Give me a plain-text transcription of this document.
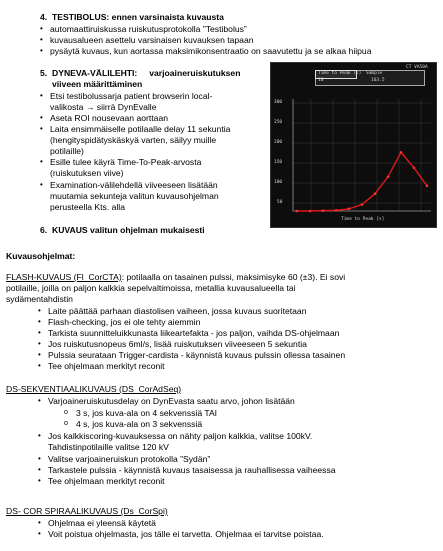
4. TESTIBOLUS: ennen varsinaista kuvausta
• automaattiruiskussa ruiskutusprotokolla ”Testibolus”
• kuvausalueen asettelu varsinaisen kuvauksen tapaan
• pysäytä kuvaus, kun aortassa maksimikonsentraatio on saavutettu ja se alkaa hiipua
5. DYNEVA-VÄLILEHTI:     varjoaineruiskutuksen
viiveen määrittäminen
• Etsi testibolussarja patient browserin local-
valikosta → siirrä DynEvalle
• Aseta ROI nousevaan aorttaan
• Laita ensimmäiselle potilaalle delay 11 sekuntia
(hengityspidätyskäskyä varten, säilyy muille
potilaille)
• Esille tulee käyrä Time-To-Peak-arvosta
(ruiskutuksen viive)
• Examination-välilehdellä viiveeseen lisätään
muutamia sekunteja valitun kuvausohjelman
perusteella Kts. alla
Time to Peak (s) Sample
10	163.5
CT VA50A
300
250
200
150
100
50
Time to Peak [s]
6. KUVAUS valitun ohjelman mukaisesti
Kuvausohjelmat:
FLASH-KUVAUS (Fl_CorCTA): potilaalla on tasainen pulssi, maksimisyke 60 (±3). Ei sovi
potilaille, joilla on paljon kalkkia sepelvaltimoissa, metallia kuvausalueella tai
sydämentahdistin
• Laite päättää parhaan diastolisen vaiheen, jossa kuvaus suoritetaan
• Flash-checking, jos ei ole tehty aiemmin
• Tarkista suunnitteluikkunasta liikeartefakta - jos paljon, vaihda DS-ohjelmaan
• Jos ruiskutusnopeus 6ml/s, lisää ruiskutuksen viiveeseen 5 sekuntia
• Pulssia seurataan Trigger-cardista - käynnistä kuvaus pulssin ollessa tasainen
• Tee ohjelmaan merkityt reconit
DS-SEKVENTIAALIKUVAUS (DS_CorAdSeq)
• Varjoaineruiskutusdelay on DynEvasta saatu arvo, johon lisätään
o 3 s, jos kuva-ala on 4 sekvenssiä TAI
o 4 s, jos kuva-ala on 3 sekvenssiä
• Jos kalkkiscoring-kuvauksessa on nähty paljon kalkkia, valitse 100kV.
Tahdistinpotilaille valitse 120 kV
• Valitse varjoaineruiskun protokolla ”Sydän”
• Tarkastele pulssia - käynnistä kuvaus tasaisessa ja rauhallisessa vaiheessa
• Tee ohjelmaan merkityt reconit
DS- COR SPIRAALIKUVAUS (Ds_CorSpi)
• Ohjelmaa ei yleensä käytetä
• Voit poistua ohjelmasta, jos tälle ei tarvetta. Ohjelmaa ei tarvitse poistaa.
